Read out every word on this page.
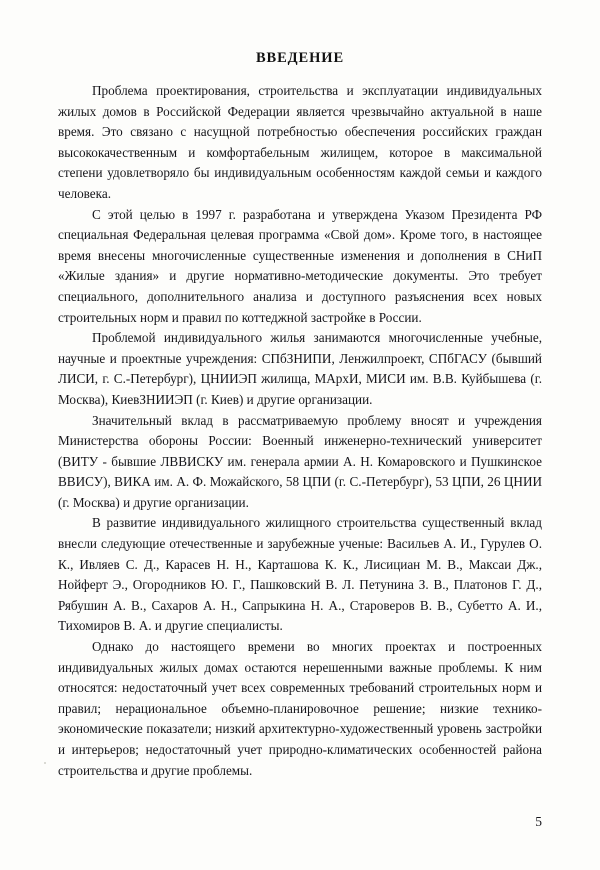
ВВЕДЕНИЕ

Проблема проектирования, строительства и эксплуатации индивидуальных жилых домов в Российской Федерации является чрезвычайно актуальной в наше время. Это связано с насущной потребностью обеспечения российских граждан высококачественным и комфортабельным жилищем, которое в максимальной степени удовлетворяло бы индивидуальным особенностям каждой семьи и каждого человека.

С этой целью в 1997 г. разработана и утверждена Указом Президента РФ специальная Федеральная целевая программа «Свой дом». Кроме того, в настоящее время внесены многочисленные существенные изменения и дополнения в СНиП «Жилые здания» и другие нормативно-методические документы. Это требует специального, дополнительного анализа и доступного разъяснения всех новых строительных норм и правил по коттеджной застройке в России.

Проблемой индивидуального жилья занимаются многочисленные учебные, научные и проектные учреждения: СПбЗНИПИ, Ленжилпроект, СПбГАСУ (бывший ЛИСИ, г. С.-Петербург), ЦНИИЭП жилища, МАрхИ, МИСИ им. В.В. Куйбышева (г. Москва), КиевЗНИИЭП (г. Киев) и другие организации.

Значительный вклад в рассматриваемую проблему вносят и учреждения Министерства обороны России: Военный инженерно-технический университет (ВИТУ - бывшие ЛВВИСКУ им. генерала армии А. Н. Комаровского и Пушкинское ВВИСУ), ВИКА им. А. Ф. Можайского, 58 ЦПИ (г. С.-Петербург), 53 ЦПИ, 26 ЦНИИ (г. Москва) и другие организации.

В развитие индивидуального жилищного строительства существенный вклад внесли следующие отечественные и зарубежные ученые: Васильев А. И., Гурулев О. К., Ивляев С. Д., Карасев Н. Н., Карташова К. К., Лисициан М. В., Максаи Дж., Нойферт Э., Огородников Ю. Г., Пашковский В. Л. Петунина З. В., Платонов Г. Д., Рябушин А. В., Сахаров А. Н., Сапрыкина Н. А., Староверов В. В., Субетто А. И., Тихомиров В. А. и другие специалисты.

Однако до настоящего времени во многих проектах и построенных индивидуальных жилых домах остаются нерешенными важные проблемы. К ним относятся: недостаточный учет всех современных требований строительных норм и правил; нерациональное объемно-планировочное решение; низкие технико-экономические показатели; низкий архитектурно-художественный уровень застройки и интерьеров; недостаточный учет природно-климатических особенностей района строительства и другие проблемы.

5
